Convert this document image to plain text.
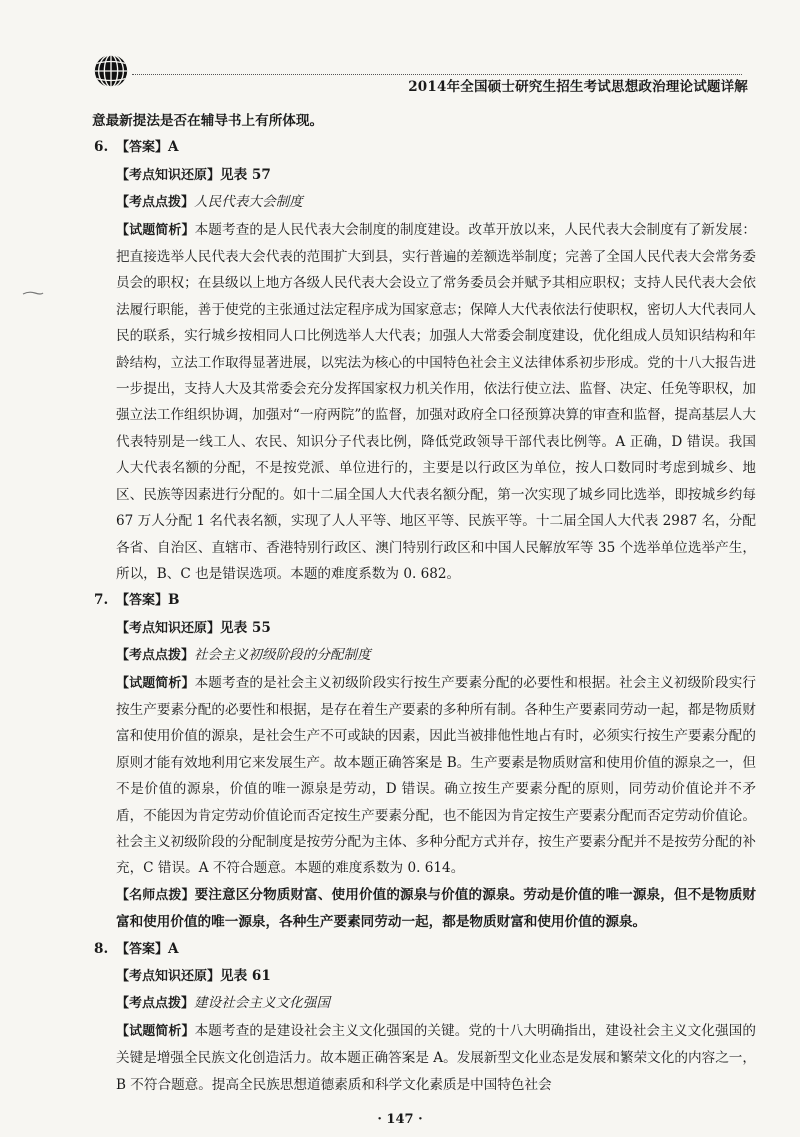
2014年全国硕士研究生招生考试思想政治理论试题详解

意最新提法是否在辅导书上有所体现。

6. 【答案】A

【考点知识还原】见表 57

【考点点拨】人民代表大会制度

【试题简析】本题考查的是人民代表大会制度的制度建设。改革开放以来，人民代表大会制度有了新发展：把直接选举人民代表大会代表的范围扩大到县，实行普遍的差额选举制度；完善了全国人民代表大会常务委员会的职权；在县级以上地方各级人民代表大会设立了常务委员会并赋予其相应职权；支持人民代表大会依法履行职能，善于使党的主张通过法定程序成为国家意志；保障人大代表依法行使职权，密切人大代表同人民的联系，实行城乡按相同人口比例选举人大代表；加强人大常委会制度建设，优化组成人员知识结构和年龄结构，立法工作取得显著进展，以宪法为核心的中国特色社会主义法律体系初步形成。党的十八大报告进一步提出，支持人大及其常委会充分发挥国家权力机关作用，依法行使立法、监督、决定、任免等职权，加强立法工作组织协调，加强对“一府两院”的监督，加强对政府全口径预算决算的审查和监督，提高基层人大代表特别是一线工人、农民、知识分子代表比例，降低党政领导干部代表比例等。A 正确，D 错误。我国人大代表名额的分配，不是按党派、单位进行的，主要是以行政区为单位，按人口数同时考虑到城乡、地区、民族等因素进行分配的。如十二届全国人大代表名额分配，第一次实现了城乡同比选举，即按城乡约每 67 万人分配 1 名代表名额，实现了人人平等、地区平等、民族平等。十二届全国人大代表 2987 名，分配各省、自治区、直辖市、香港特别行政区、澳门特别行政区和中国人民解放军等 35 个选举单位选举产生，所以，B、C 也是错误选项。本题的难度系数为 0. 682。

7. 【答案】B

【考点知识还原】见表 55

【考点点拨】社会主义初级阶段的分配制度

【试题简析】本题考查的是社会主义初级阶段实行按生产要素分配的必要性和根据。社会主义初级阶段实行按生产要素分配的必要性和根据，是存在着生产要素的多种所有制。各种生产要素同劳动一起，都是物质财富和使用价值的源泉，是社会生产不可或缺的因素，因此当被排他性地占有时，必须实行按生产要素分配的原则才能有效地利用它来发展生产。故本题正确答案是 B。生产要素是物质财富和使用价值的源泉之一，但不是价值的源泉，价值的唯一源泉是劳动，D 错误。确立按生产要素分配的原则，同劳动价值论并不矛盾，不能因为肯定劳动价值论而否定按生产要素分配，也不能因为肯定按生产要素分配而否定劳动价值论。社会主义初级阶段的分配制度是按劳分配为主体、多种分配方式并存，按生产要素分配并不是按劳分配的补充，C 错误。A 不符合题意。本题的难度系数为 0. 614。

【名师点拨】要注意区分物质财富、使用价值的源泉与价值的源泉。劳动是价值的唯一源泉，但不是物质财富和使用价值的唯一源泉，各种生产要素同劳动一起，都是物质财富和使用价值的源泉。

8. 【答案】A

【考点知识还原】见表 61

【考点点拨】建设社会主义文化强国

【试题简析】本题考查的是建设社会主义文化强国的关键。党的十八大明确指出，建设社会主义文化强国的关键是增强全民族文化创造活力。故本题正确答案是 A。发展新型文化业态是发展和繁荣文化的内容之一，B 不符合题意。提高全民族思想道德素质和科学文化素质是中国特色社会

· 147 ·
